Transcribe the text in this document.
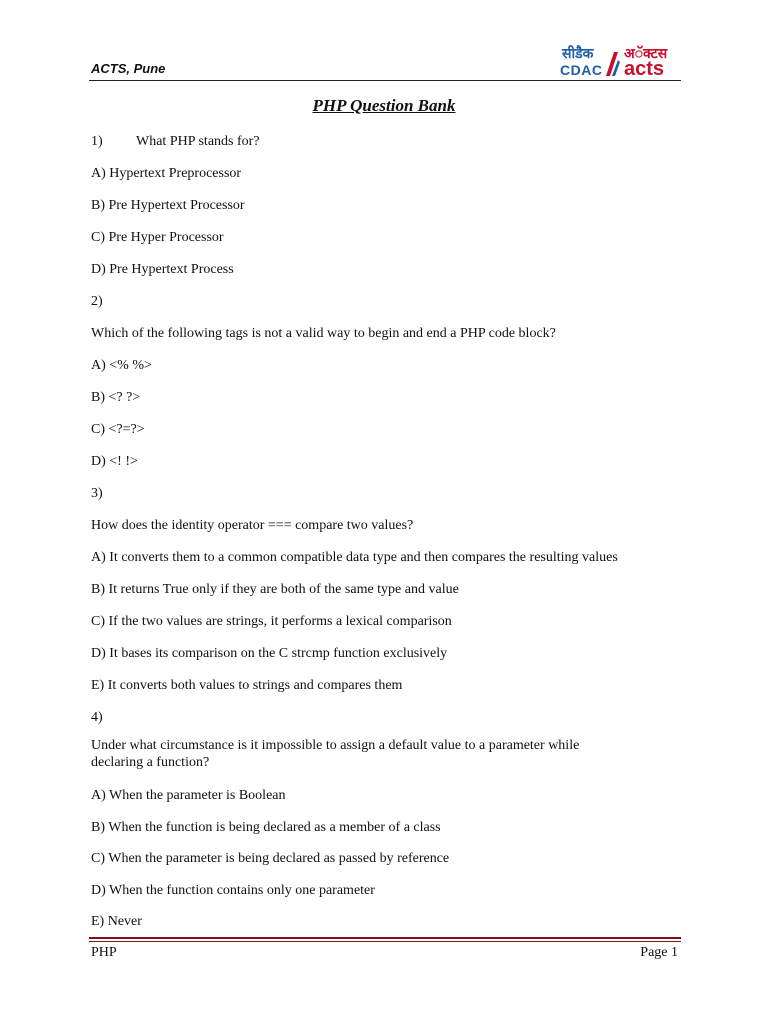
ACTS, Pune
सीडैक
CDAC
अॅक्टस
acts
PHP Question Bank
1) What PHP stands for?
A) Hypertext Preprocessor
B) Pre Hypertext Processor
C) Pre Hyper Processor
D) Pre Hypertext Process
2)
Which of the following tags is not a valid way to begin and end a PHP code block?
A) <% %>
B) <? ?>
C) <?=?>
D) <! !>
3)
How does the identity operator === compare two values?
A) It converts them to a common compatible data type and then compares the resulting values
B) It returns True only if they are both of the same type and value
C) If the two values are strings, it performs a lexical comparison
D) It bases its comparison on the C strcmp function exclusively
E) It converts both values to strings and compares them
4)
Under what circumstance is it impossible to assign a default value to a parameter while declaring a function?
A) When the parameter is Boolean
B) When the function is being declared as a member of a class
C) When the parameter is being declared as passed by reference
D) When the function contains only one parameter
E) Never
PHP	Page 1
